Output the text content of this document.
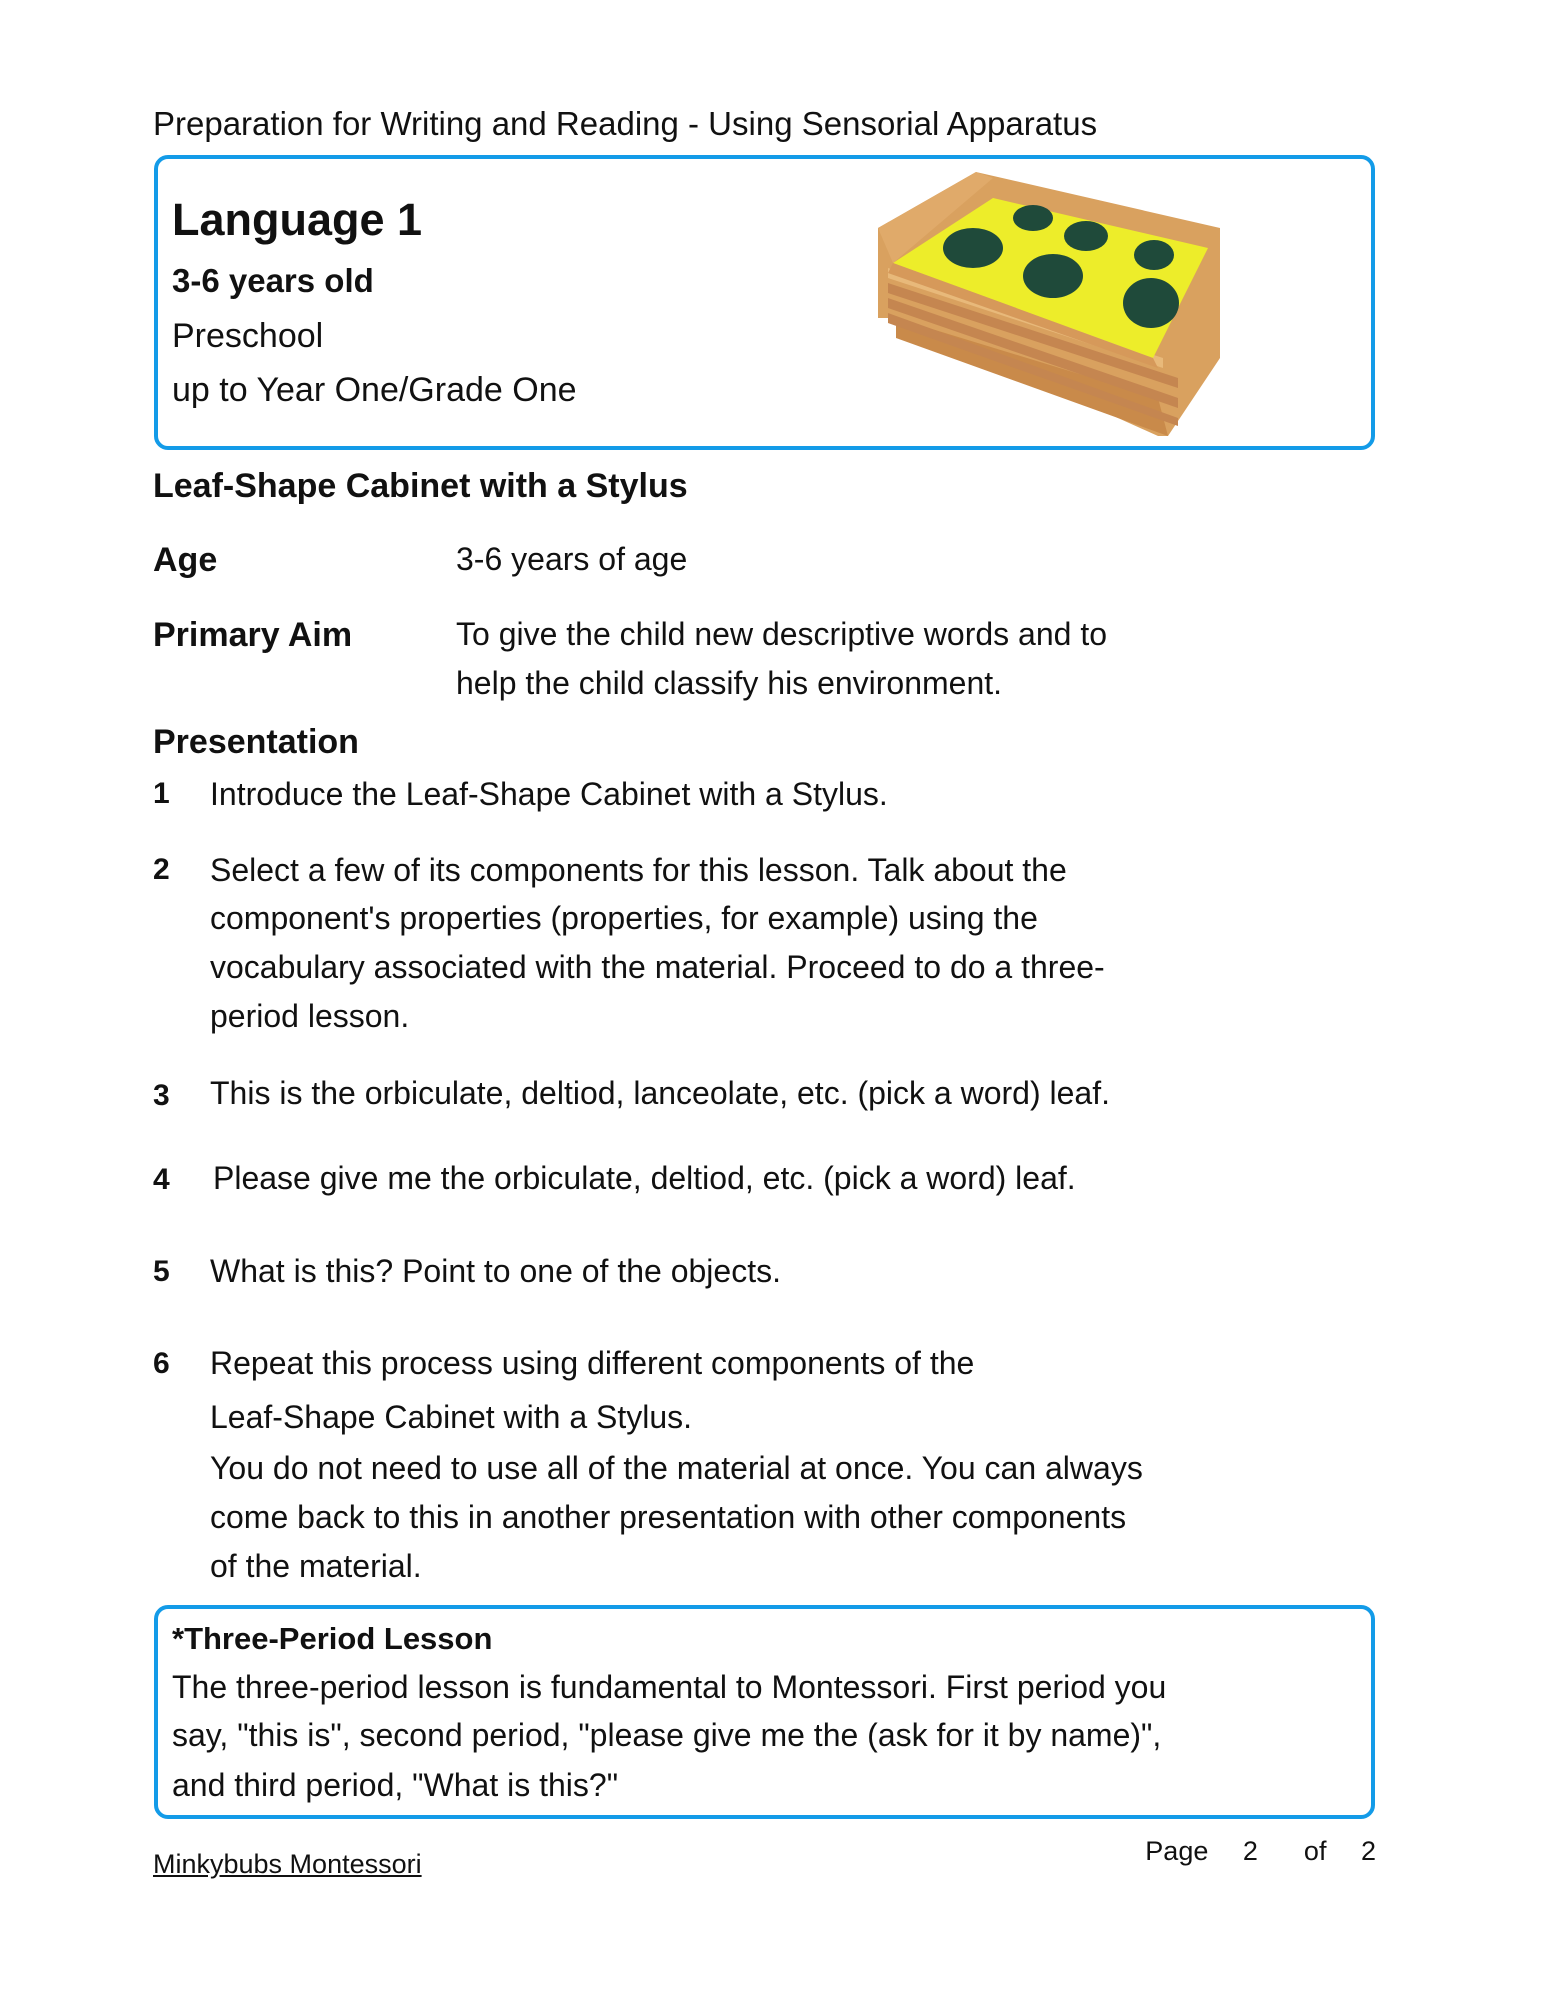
Preparation for Writing and Reading - Using Sensorial Apparatus
Language 1
3-6 years old
Preschool
up to Year One/Grade One
Leaf-Shape Cabinet with a Stylus
Age	3-6 years of age
Primary Aim	To give the child new descriptive words and to
help the child classify his environment.
Presentation
1 Introduce the Leaf-Shape Cabinet with a Stylus.
2 Select a few of its components for this lesson. Talk about the
component's properties (properties, for example) using the
vocabulary associated with the material. Proceed to do a three-
period lesson.
3 This is the orbiculate, deltiod, lanceolate, etc. (pick a word) leaf.
4 Please give me the orbiculate, deltiod, etc. (pick a word) leaf.
5 What is this? Point to one of the objects.
6 Repeat this process using different components of the
Leaf-Shape Cabinet with a Stylus.
You do not need to use all of the material at once. You can always
come back to this in another presentation with other components
of the material.
*Three-Period Lesson
The three-period lesson is fundamental to Montessori. First period you
say, "this is", second period, "please give me the (ask for it by name)",
and third period, "What is this?"
Minkybubs Montessori	Page 2 of 2
